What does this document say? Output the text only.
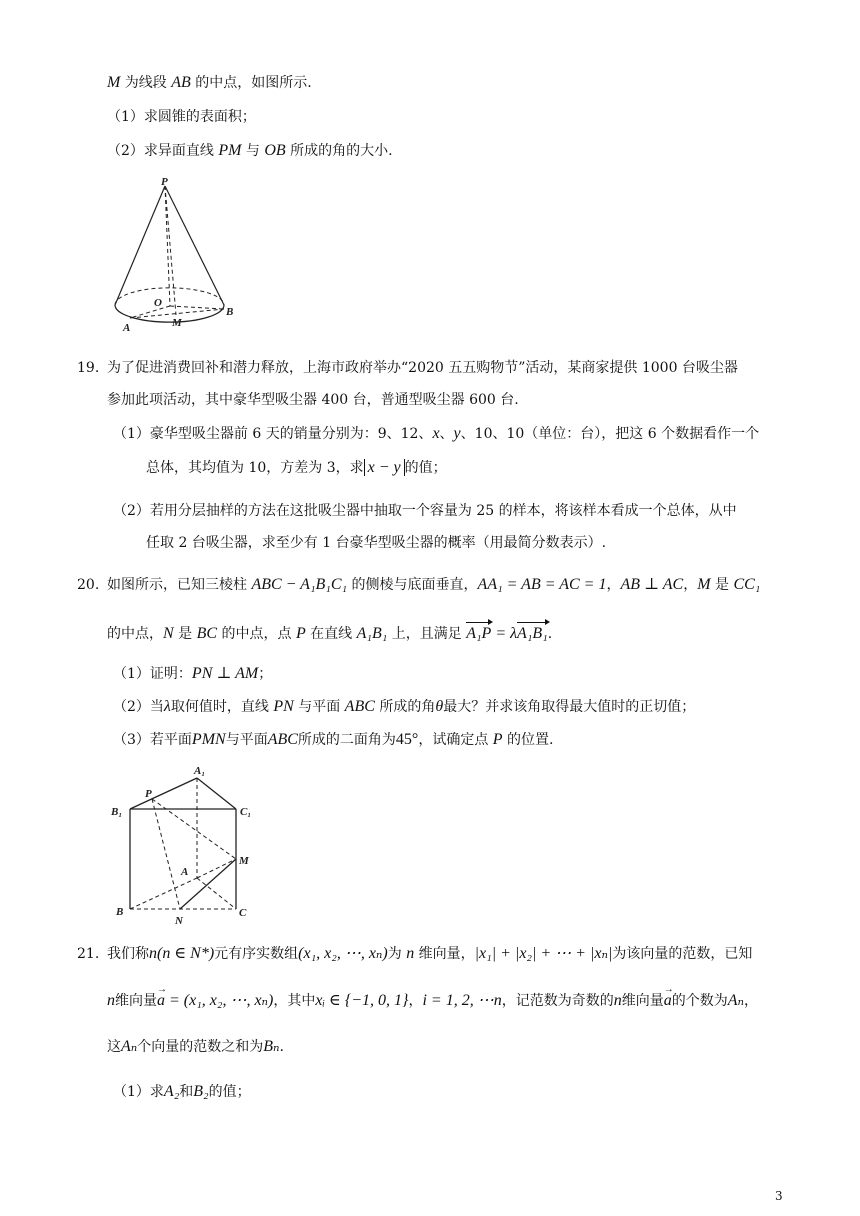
M 为线段 AB 的中点，如图所示.
（1）求圆锥的表面积；
（2）求异面直线 PM 与 OB 所成的角的大小.
P
O
A	M
B
19. 为了促进消费回补和潜力释放，上海市政府举办“2020 五五购物节”活动，某商家提供 1000 台吸尘器
参加此项活动，其中豪华型吸尘器 400 台，普通型吸尘器 600 台.
（1）豪华型吸尘器前 6 天的销量分别为：9、12、x、y、10、10（单位：台），把这 6 个数据看作一个
总体，其均值为 10，方差为 3，求 x − y 的值；
（2）若用分层抽样的方法在这批吸尘器中抽取一个容量为 25 的样本，将该样本看成一个总体，从中
任取 2 台吸尘器，求至少有 1 台豪华型吸尘器的概率（用最简分数表示）.
20. 如图所示，已知三棱柱 ABC − A₁B₁C₁ 的侧棱与底面垂直，AA₁ = AB = AC = 1，AB ⊥ AC，M 是 CC₁
的中点，N 是 BC 的中点，点 P 在直线 A₁B₁ 上，且满足 A₁P = λA₁B₁.
（1）证明：PN ⊥ AM；
（2）当λ取何值时，直线 PN 与平面 ABC 所成的角θ最大？并求该角取得最大值时的正切值；
（3）若平面PMN与平面ABC所成的二面角为45°，试确定点 P 的位置.
A₁
P
B₁	C₁
M
A
B
N
C
21. 我们称n(n ∈ N*)元有序实数组(x₁, x₂, ⋯, xₙ)为 n 维向量，|x₁| + |x₂| + ⋯ + |xₙ|为该向量的范数，已知
n维向量→ a = (x₁, x₂, ⋯, xₙ)，其中xᵢ ∈ {−1, 0, 1}，i = 1, 2, ⋯n，记范数为奇数的n维向量→ a的个数为Aₙ，
这Aₙ个向量的范数之和为Bₙ.
（1）求A₂和B₂的值；
3
